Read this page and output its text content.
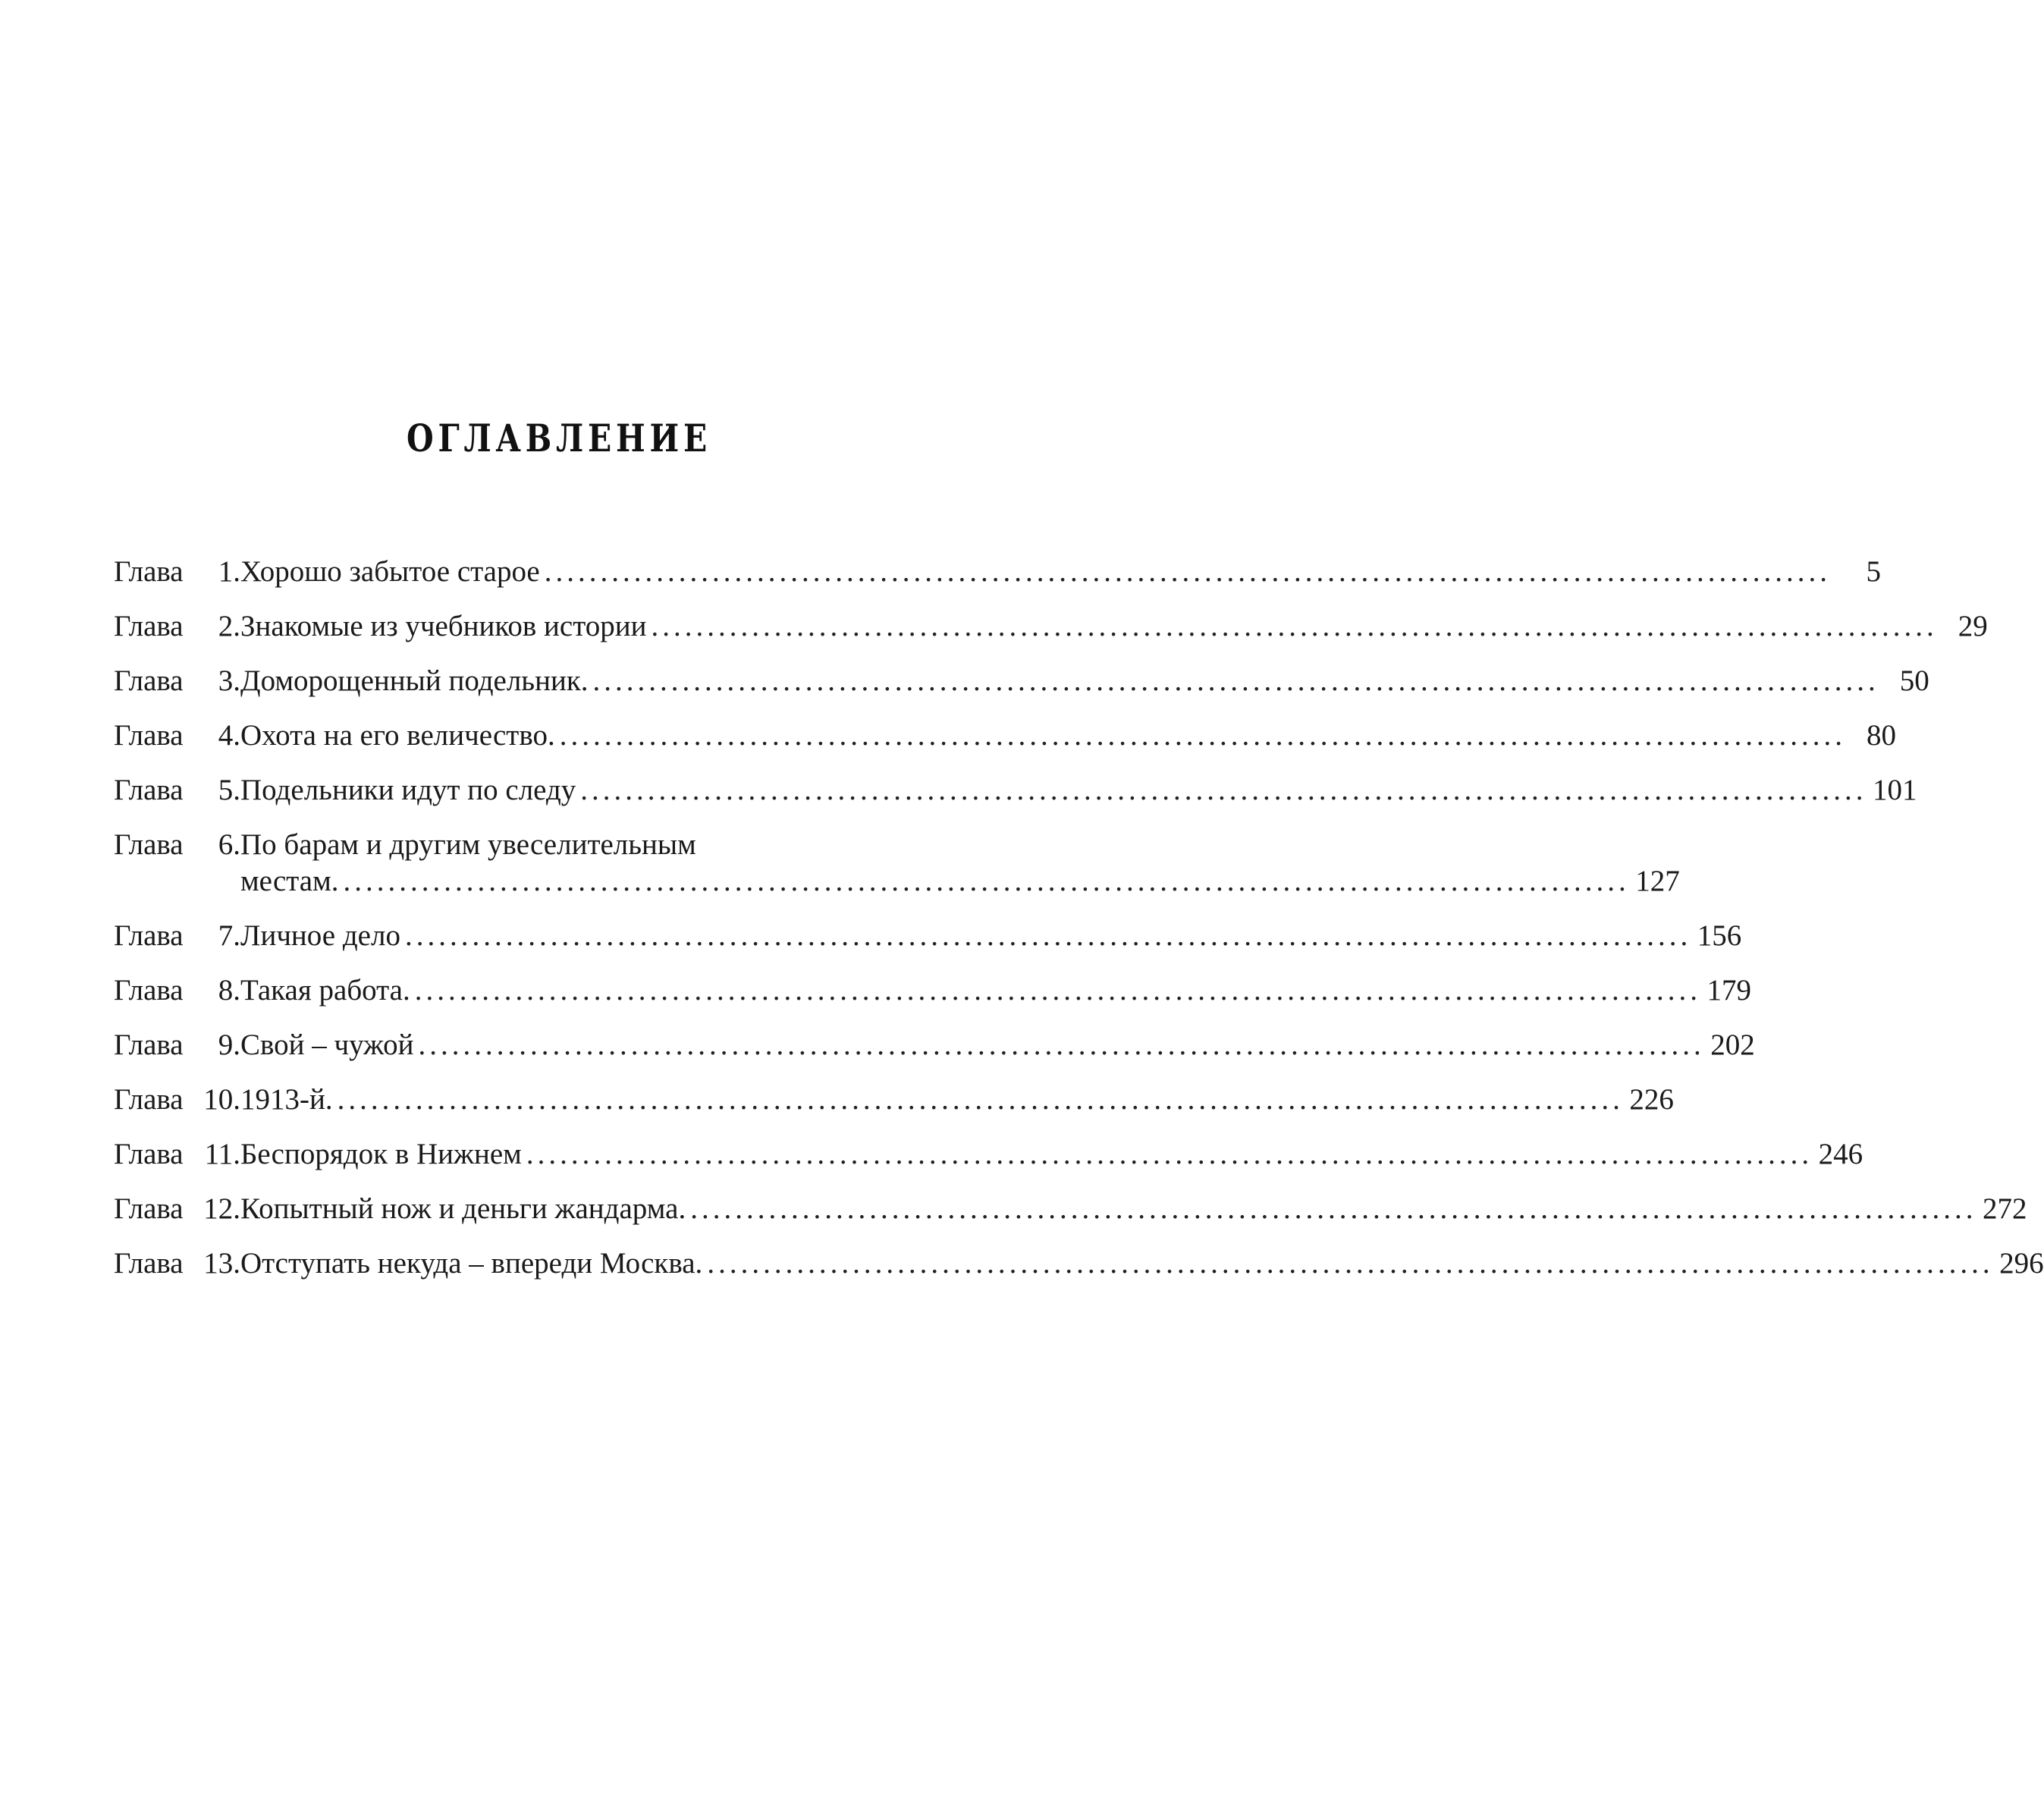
ОГЛАВЛЕНИЕ
Глава	1. Хорошо забытое старое ...................................................................................................................	5
Глава	2. Знакомые из учебников истории ................................................................................................................... 29
Глава	3. Доморощенный подельник. ................................................................................................................... 50
Глава	4. Охота на его величество. ................................................................................................................... 80
Глава	5. Подельники идут по следу ................................................................................................................... 101
Глава	6. По барам и другим увеселительным
местам. ................................................................................................................... 127
Глава	7. Личное дело ................................................................................................................... 156
Глава	8. Такая работа. ................................................................................................................... 179
Глава	9. Свой – чужой ................................................................................................................... 202
Глава 10. 1913-й. ................................................................................................................... 226
Глава 11. Беспорядок в Нижнем ................................................................................................................... 246
Глава 12. Копытный нож и деньги жандарма. ................................................................................................................... 272
Глава 13. Отступать некуда – впереди Москва. ................................................................................................................... 296
